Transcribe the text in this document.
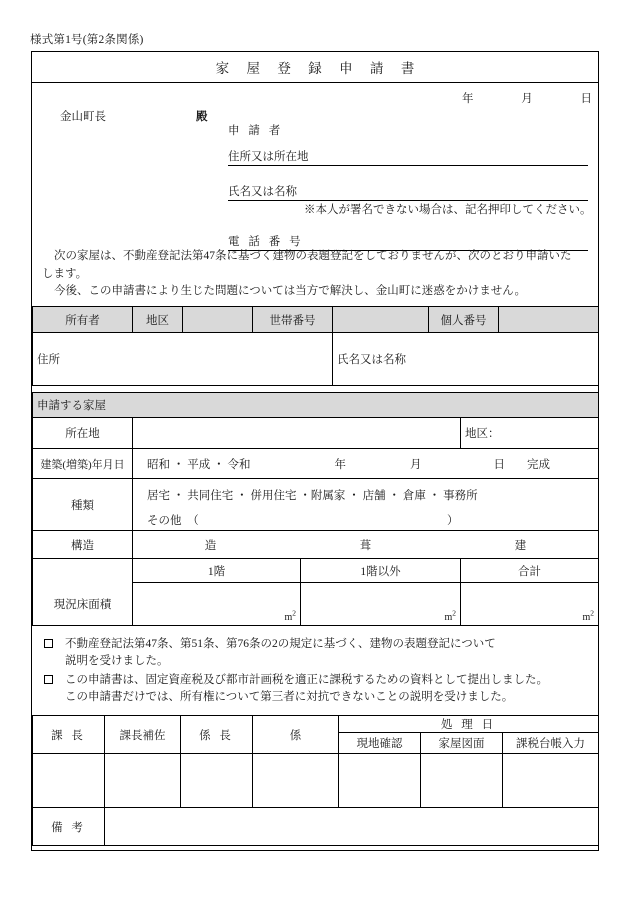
様式第1号(第2条関係)
家 屋 登 録 申 請 書
年	月	日
金山町長	殿
申 請 者
住所又は所在地
氏名又は名称
※本人が署名できない場合は、記名押印してください。
電 話 番 号

次の家屋は、不動産登記法第47条に基づく建物の表題登記をしておりませんが、次のとおり申請いた

します。

今後、この申請書により生じた問題については当方で解決し、金山町に迷惑をかけません。

所有者	地区		世帯番号		個人番号	
住所				氏名又は名称		
申請する家屋			
所在地			地区：
建築(増築)年月日	昭和 ・ 平成 ・ 令和 年 月 日 完成		

種類	居宅 ・ 共同住宅 ・ 併用住宅 ・附属家 ・ 店舗 ・ 倉庫 ・ 事務所
その他　（ ）		

構造	造 葺 建		

	1階	1階以外	合計
現況床面積	$m^2$	$m^2$	$m^2$
不動産登記法第47条、第51条、第76条の2の規定に基づく、建物の表題登記について
説明を受けました。
この申請書は、固定資産税及び都市計画税を適正に課税するための資料として提出しました。
この申請書だけでは、所有権について第三者に対抗できないことの説明を受けました。
課 長	課長補佐	係 長	係	処 理 日		
				現地確認	家屋図面	課税台帳入力

備 考						
